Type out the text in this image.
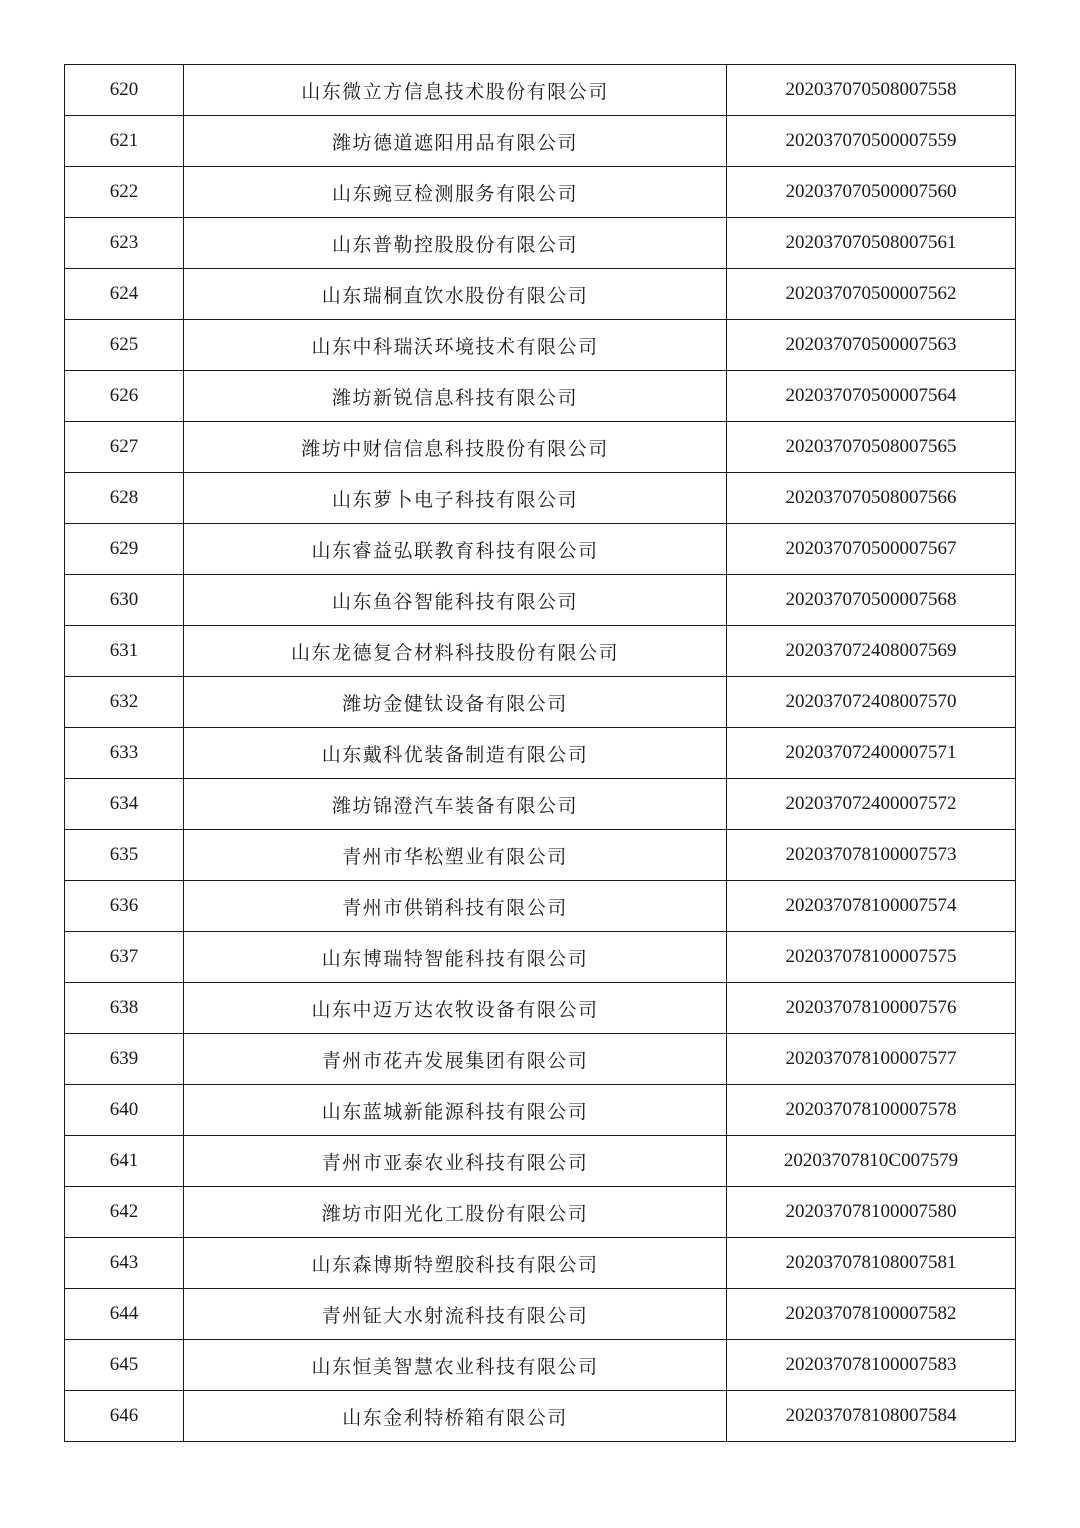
620	山东微立方信息技术股份有限公司	202037070508007558
621	潍坊德道遮阳用品有限公司	202037070500007559
622	山东豌豆检测服务有限公司	202037070500007560
623	山东普勒控股股份有限公司	202037070508007561
624	山东瑞桐直饮水股份有限公司	202037070500007562
625	山东中科瑞沃环境技术有限公司	202037070500007563
626	潍坊新锐信息科技有限公司	202037070500007564
627	潍坊中财信信息科技股份有限公司	202037070508007565
628	山东萝卜电子科技有限公司	202037070508007566
629	山东睿益弘联教育科技有限公司	202037070500007567
630	山东鱼谷智能科技有限公司	202037070500007568
631	山东龙德复合材料科技股份有限公司	202037072408007569
632	潍坊金健钛设备有限公司	202037072408007570
633	山东戴科优装备制造有限公司	202037072400007571
634	潍坊锦澄汽车装备有限公司	202037072400007572
635	青州市华松塑业有限公司	202037078100007573
636	青州市供销科技有限公司	202037078100007574
637	山东博瑞特智能科技有限公司	202037078100007575
638	山东中迈万达农牧设备有限公司	202037078100007576
639	青州市花卉发展集团有限公司	202037078100007577
640	山东蓝城新能源科技有限公司	202037078100007578
641	青州市亚泰农业科技有限公司	20203707810C007579
642	潍坊市阳光化工股份有限公司	202037078100007580
643	山东森博斯特塑胶科技有限公司	202037078108007581
644	青州钲大水射流科技有限公司	202037078100007582
645	山东恒美智慧农业科技有限公司	202037078100007583
646	山东金利特桥箱有限公司	202037078108007584
